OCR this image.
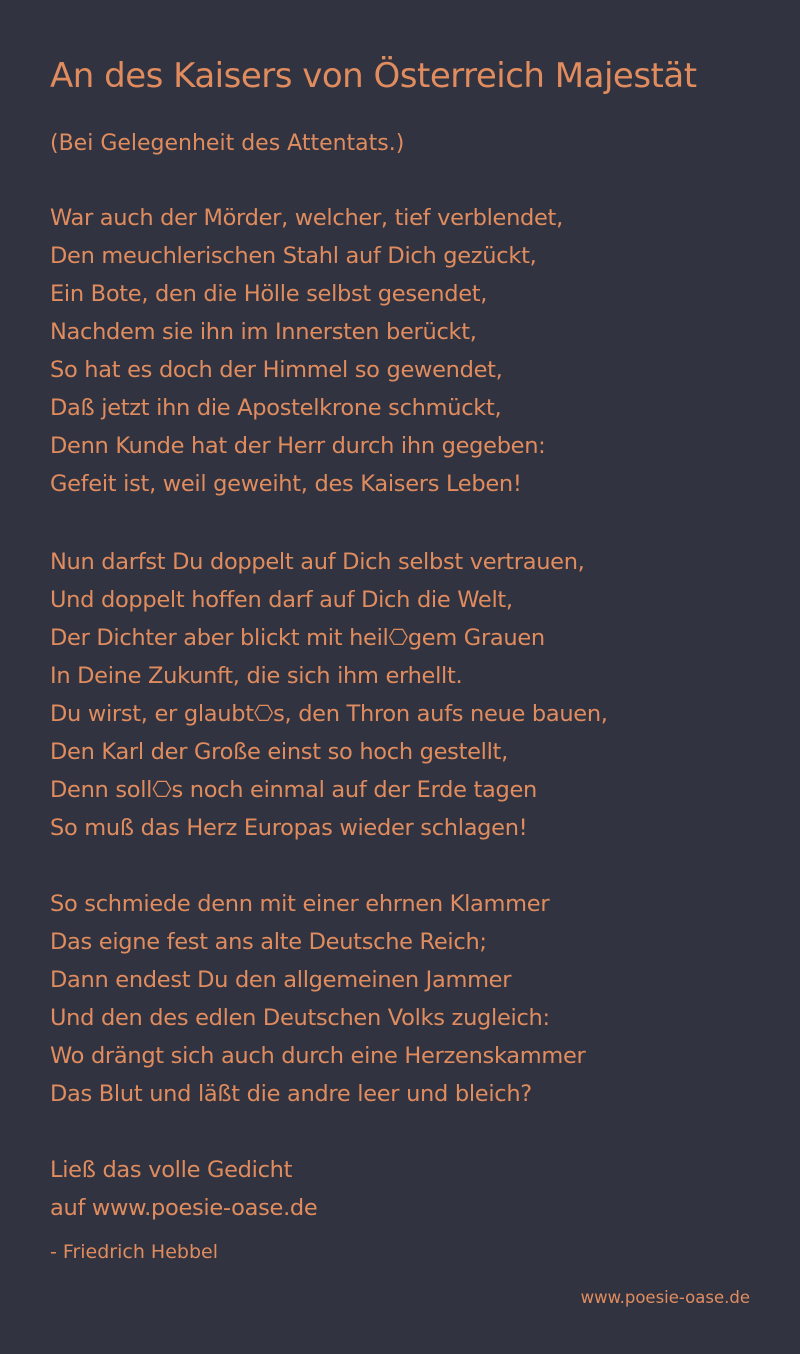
An des Kaisers von Österreich Majestät
(Bei Gelegenheit des Attentats.)
War auch der Mörder, welcher, tief verblendet,
Den meuchlerischen Stahl auf Dich gezückt,
Ein Bote, den die Hölle selbst gesendet,
Nachdem sie ihn im Innersten berückt,
So hat es doch der Himmel so gewendet,
Daß jetzt ihn die Apostelkrone schmückt,
Denn Kunde hat der Herr durch ihn gegeben:
Gefeit ist, weil geweiht, des Kaisers Leben!
Nun darfst Du doppelt auf Dich selbst vertrauen,
Und doppelt hoffen darf auf Dich die Welt,
Der Dichter aber blickt mit heil⎔gem Grauen
In Deine Zukunft, die sich ihm erhellt.
Du wirst, er glaubt⎔s, den Thron aufs neue bauen,
Den Karl der Große einst so hoch gestellt,
Denn soll⎔s noch einmal auf der Erde tagen
So muß das Herz Europas wieder schlagen!
So schmiede denn mit einer ehrnen Klammer
Das eigne fest ans alte Deutsche Reich;
Dann endest Du den allgemeinen Jammer
Und den des edlen Deutschen Volks zugleich:
Wo drängt sich auch durch eine Herzenskammer
Das Blut und läßt die andre leer und bleich?
Ließ das volle Gedicht
auf www.poesie-oase.de
- Friedrich Hebbel
www.poesie-oase.de
